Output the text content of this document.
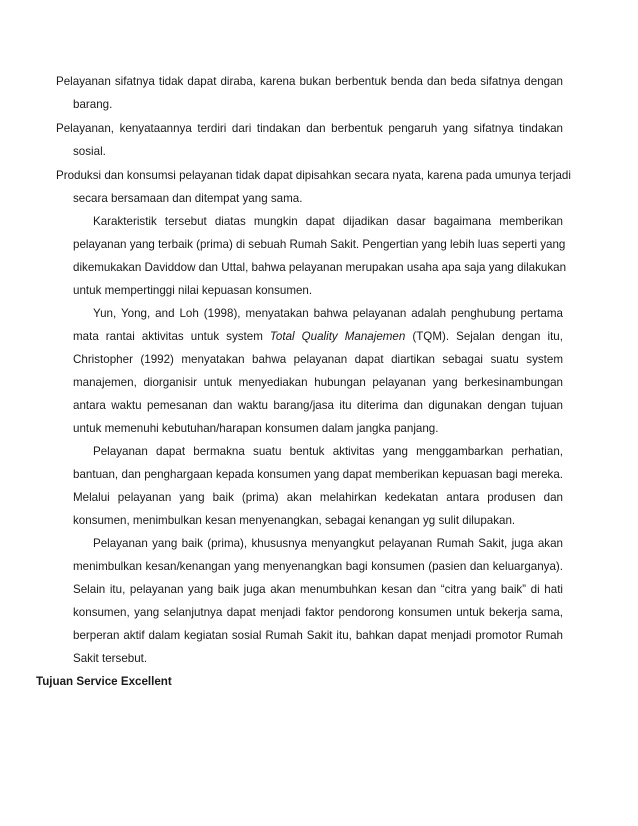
Pelayanan sifatnya tidak dapat diraba, karena bukan berbentuk benda dan beda sifatnya dengan
barang.
Pelayanan, kenyataannya terdiri dari tindakan dan berbentuk pengaruh yang sifatnya tindakan
sosial.
Produksi dan konsumsi pelayanan tidak dapat dipisahkan secara nyata, karena pada umunya terjadi
secara bersamaan dan ditempat yang sama.
Karakteristik tersebut diatas mungkin dapat dijadikan dasar bagaimana memberikan
pelayanan yang terbaik (prima) di sebuah Rumah Sakit. Pengertian yang lebih luas seperti yang
dikemukakan Daviddow dan Uttal, bahwa pelayanan merupakan usaha apa saja yang dilakukan
untuk mempertinggi nilai kepuasan konsumen.
Yun, Yong, and Loh (1998), menyatakan bahwa pelayanan adalah penghubung pertama
mata rantai aktivitas untuk system Total Quality Manajemen (TQM). Sejalan dengan itu,
Christopher (1992) menyatakan bahwa pelayanan dapat diartikan sebagai suatu system
manajemen, diorganisir untuk menyediakan hubungan pelayanan yang berkesinambungan
antara waktu pemesanan dan waktu barang/jasa itu diterima dan digunakan dengan tujuan
untuk memenuhi kebutuhan/harapan konsumen dalam jangka panjang.
Pelayanan dapat bermakna suatu bentuk aktivitas yang menggambarkan perhatian,
bantuan, dan penghargaan kepada konsumen yang dapat memberikan kepuasan bagi mereka.
Melalui pelayanan yang baik (prima) akan melahirkan kedekatan antara produsen dan
konsumen, menimbulkan kesan menyenangkan, sebagai kenangan yg sulit dilupakan.
Pelayanan yang baik (prima), khususnya menyangkut pelayanan Rumah Sakit, juga akan
menimbulkan kesan/kenangan yang menyenangkan bagi konsumen (pasien dan keluarganya).
Selain itu, pelayanan yang baik juga akan menumbuhkan kesan dan “citra yang baik” di hati
konsumen, yang selanjutnya dapat menjadi faktor pendorong konsumen untuk bekerja sama,
berperan aktif dalam kegiatan sosial Rumah Sakit itu, bahkan dapat menjadi promotor Rumah
Sakit tersebut.
Tujuan Service Excellent
